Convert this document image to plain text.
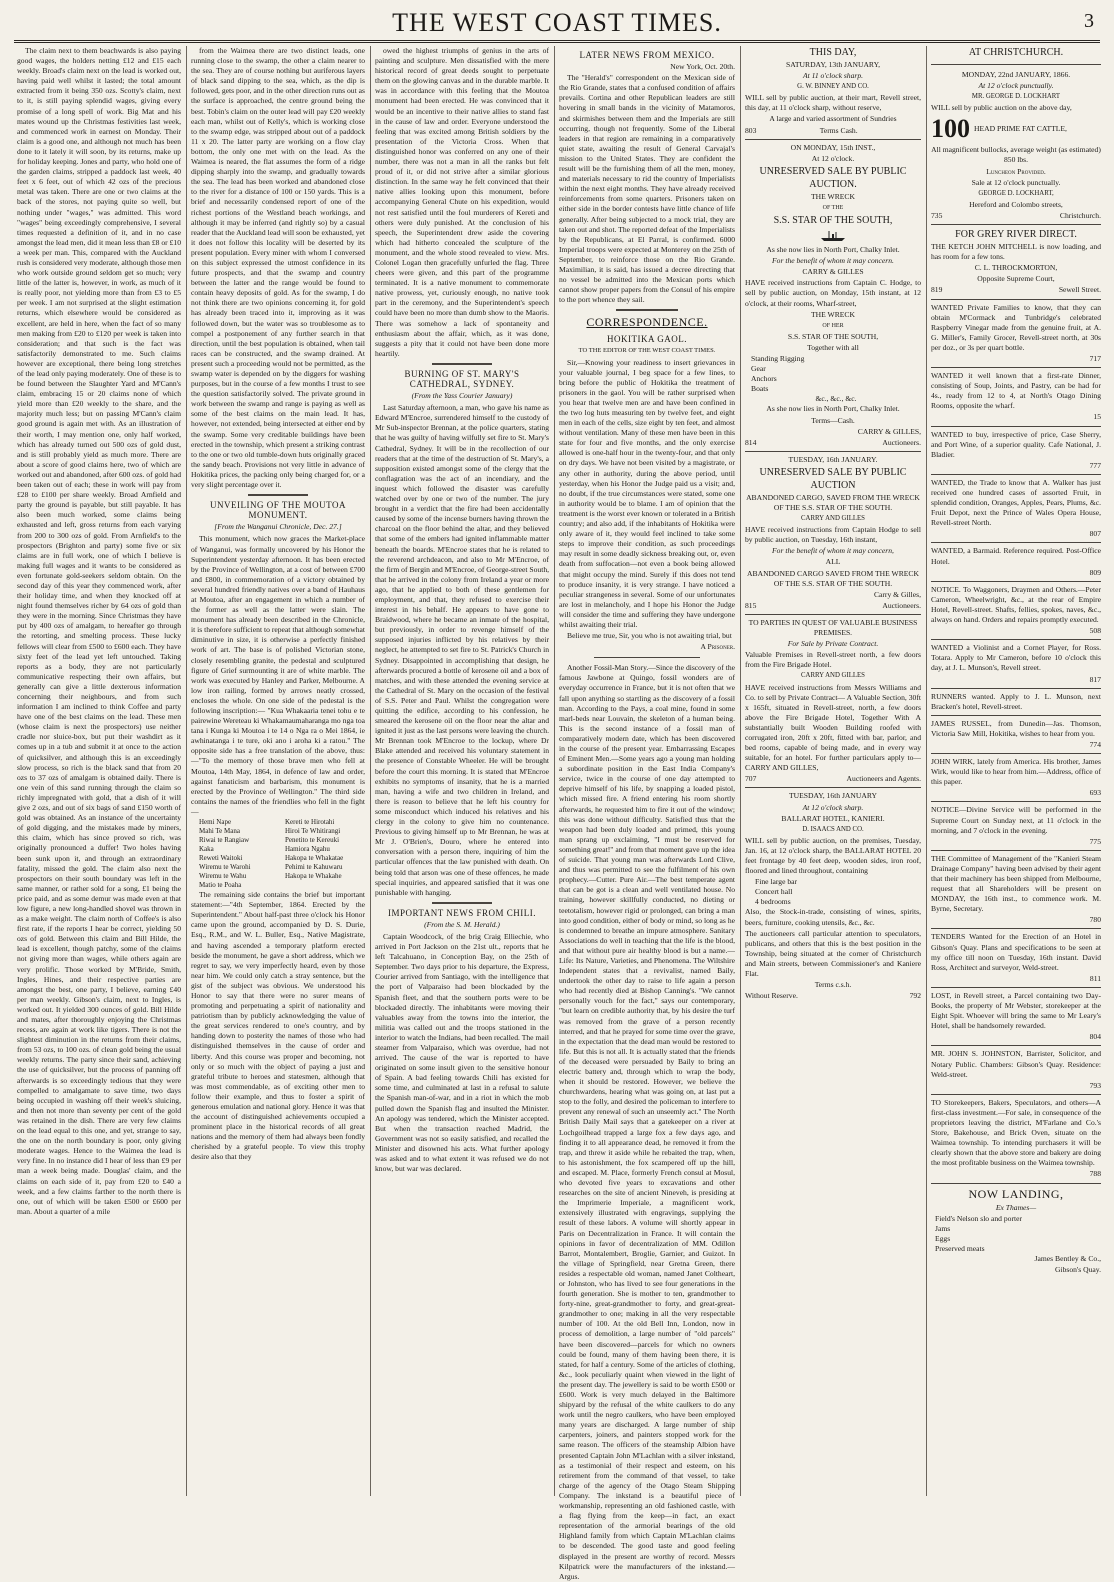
THE WEST COAST TIMES.	3

The claim next to them beachwards is also paying good wages, the holders netting £12 and £15 each weekly. Broad's claim next on the lead is worked out, having paid well whilst it lasted; the total amount extracted from it being 350 ozs. Scotty's claim, next to it, is still paying splendid wages, giving every promise of a long spell of work. Big Mat and his mates wound up the Christmas festivities last week, and commenced work in earnest on Monday. Their claim is a good one, and although not much has been done to it lately it will soon, by its returns, make up for holiday keeping. Jones and party, who hold one of the garden claims, stripped a paddock last week, 40 feet x 6 feet, out of which 42 ozs of the precious metal was taken. There are one or two claims at the back of the stores, not paying quite so well, but nothing under "wages," was admitted. This word "wages" being exceedingly comprehensive, I several times requested a definition of it, and in no case amongst the lead men, did it mean less than £8 or £10 a week per man. This, compared with the Auckland rush is considered very moderate, although those men who work outside ground seldom get so much; very little of the latter is, however, in work, as much of it is really poor, not yielding more than from £3 to £5 per week. I am not surprised at the slight estimation returns, which elsewhere would be considered as excellent, are held in here, when the fact of so many men making from £20 to £120 per week is taken into consideration; and that such is the fact was satisfactorily demonstrated to me. Such claims however are exceptional, there being long stretches of the lead only paying moderately. One of these is to be found between the Slaughter Yard and M'Cann's claim, embracing 15 or 20 claims none of which yield more than £20 weekly to the share, and the majority much less; but on passing M'Cann's claim good ground is again met with. As an illustration of their worth, I may mention one, only half worked, which has already turned out 500 ozs of gold dust, and is still probably yield as much more. There are about a score of good claims here, two of which are worked out and abandoned, after 600 ozs. of gold had been taken out of each; these in work will pay from £28 to £100 per share weekly. Broad Arnfield and party the ground is payable, but still payable. It has also been much worked, some claims being exhausted and left, gross returns from each varying from 200 to 300 ozs of gold. From Arnfield's to the prospectors (Brighton and party) some five or six claims are in full work, one of which I believe is making full wages and it wants to be considered as even fortunate gold-seekers seldom obtain. On the second day of this year they commenced work, after their holiday time, and when they knocked off at night found themselves richer by 64 ozs of gold than they were in the morning. Since Christmas they have put by 400 ozs of amalgam, to hereafter go through the retorting, and smelting process. These lucky fellows will clear from £500 to £600 each. They have sixty feet of the lead yet left untouched. Taking reports as a body, they are not particularly communicative respecting their own affairs, but generally can give a little dexterous information concerning their neighbours, and from such information I am inclined to think Coffee and party have one of the best claims on the lead. These men (whose claim is next the prospectors) use neither cradle nor sluice-box, but put their washdirt as it comes up in a tub and submit it at once to the action of quicksilver, and although this is an exceedingly slow process, so rich is the black sand that from 20 ozs to 37 ozs of amalgam is obtained daily. There is one vein of this sand running through the claim so richly impregnated with gold, that a dish of it will give 2 ozs, and out of six bags of sand £150 worth of gold was obtained. As an instance of the uncertainty of gold digging, and the mistakes made by miners, this claim, which has since proved so rich, was originally pronounced a duffer! Two holes having been sunk upon it, and through an extraordinary fatality, missed the gold. The claim also next the prospectors on their south boundary was left in the same manner, or rather sold for a song, £1 being the price paid, and as some demur was made even at that low figure, a new long-handled shovel was thrown in as a make weight. The claim north of Coffee's is also first rate, if the reports I hear be correct, yielding 50 ozs of gold. Between this claim and Bill Hilde, the lead is excellent, though patchy, some of the claims not giving more than wages, while others again are very prolific. Those worked by M'Bride, Smith, Ingles, Hines, and their respective parties are amongst the best, one party, I believe, earning £40 per man weekly. Gibson's claim, next to Ingles, is worked out. It yielded 300 ounces of gold. Bill Hilde and mates, after thoroughly enjoying the Christmas recess, are again at work like tigers. There is not the slightest diminution in the returns from their claims, from 53 ozs, to 100 ozs. of clean gold being the usual weekly returns. The party since their sand, achieving the use of quicksilver, but the process of panning off afterwards is so exceedingly tedious that they were compelled to amalgamate to save time, two days being occupied in washing off their week's sluicing, and then not more than seventy per cent of the gold was retained in the dish. There are very few claims on the lead equal to this one, and yet, strange to say, the one on the north boundary is poor, only giving moderate wages. Hence to the Waimea the lead is very fine. In no instance did I hear of less than £9 per man a week being made. Douglas' claim, and the claims on each side of it, pay from £20 to £40 a week, and a few claims farther to the north there is one, out of which will be taken £500 or £600 per man. About a quarter of a mile

from the Waimea there are two distinct leads, one running close to the swamp, the other a claim nearer to the sea. They are of course nothing but auriferous layers of black sand dipping to the sea, which, as the dip is followed, gets poor, and in the other direction runs out as the surface is approached, the centre ground being the best. Tobin's claim on the outer lead will pay £20 weekly each man, whilst out of Kelly's, which is working close to the swamp edge, was stripped about out of a paddock 11 x 20. The latter party are working on a flow clay bottom, the only one met with on the lead. As the Waimea is neared, the flat assumes the form of a ridge dipping sharply into the swamp, and gradually towards the sea. The lead has been worked and abandoned close to the river for a distance of 100 or 150 yards. This is a brief and necessarily condensed report of one of the richest portions of the Westland beach workings, and although it may be inferred (and rightly so) by a casual reader that the Auckland lead will soon be exhausted, yet it does not follow this locality will be deserted by its present population. Every miner with whom I conversed on this subject expressed the utmost confidence in its future prospects, and that the swamp and country between the latter and the range would be found to contain heavy deposits of gold. As for the swamp, I do not think there are two opinions concerning it, for gold has already been traced into it, improving as it was followed down, but the water was so troublesome as to compel a postponement of any further search in that direction, until the best population is obtained, when tail races can be constructed, and the swamp drained. At present such a proceeding would not be permitted, as the swamp water is depended on by the diggers for washing purposes, but in the course of a few months I trust to see the question satisfactorily solved. The private ground in work between the swamp and range is paying as well as some of the best claims on the main lead. It has, however, not extended, being intersected at either end by the swamp. Some very creditable buildings have been erected in the township, which present a striking contrast to the one or two old tumble-down huts originally graced the sandy beach. Provisions not very little in advance of Hokitika prices, the packing only being charged for, or a very slight percentage over it.

UNVEILING OF THE MOUTOA MONUMENT.
[From the Wanganui Chronicle, Dec. 27.]

This monument, which now graces the Market-place of Wanganui, was formally uncovered by his Honor the Superintendent yesterday afternoon. It has been erected by the Province of Wellington, at a cost of between £700 and £800, in commemoration of a victory obtained by several hundred friendly natives over a band of Hauhaus at Moutoa, after an engagement in which a number of the former as well as the latter were slain. The monument has already been described in the Chronicle, it is therefore sufficient to repeat that although somewhat diminutive in size, it is otherwise a perfectly finished work of art. The base is of polished Victorian stone, closely resembling granite, the pedestal and sculptured figure of Grief surmounting it are of white marble. The work was executed by Hanley and Parker, Melbourne. A low iron railing, formed by arrows neatly crossed, encloses the whole. On one side of the pedestal is the following inscription:— "Kua Whakaaria tenei tohu e te pairewine Wereteau ki Whakamaumaharanga mo nga toa tana i Kunga ki Moutoa i te 14 o Nga ra o Mei 1864, ie awhinatanga i te ture, oki ano i aroha ki a ratou." The opposite side has a free translation of the above, thus:—"To the memory of those brave men who fell at Moutoa, 14th May, 1864, in defence of law and order, against fanaticism and barbarism, this monument is erected by the Province of Wellington." The third side contains the names of the friendlies who fell in the fight—

Hemi Nape
Mahi Te Mana
Riwai te Rangiaw
Kaka
Reweti Waitoki
Wiremu te Warohi
Wiremu te Wahu
Matio te Poaha
Kereti te Hirotahi
Hiroi Te Whitirangi
Penetito te Kereuki
Hamiora Ngahu
Hakopa te Whakatae
Pehimi te Kahuwaru
Hakopa te Whakahe

The remaining side contains the brief but important statement:—"4th September, 1864. Erected by the Superintendent." About half-past three o'clock his Honor came upon the ground, accompanied by D. S. Durie, Esq., R.M., and W. L. Buller, Esq., Native Magistrate, and having ascended a temporary platform erected beside the monument, he gave a short address, which we regret to say, we very imperfectly heard, even by those near him. We could only catch a stray sentence, but the gist of the subject was obvious. We understood his Honor to say that there were no surer means of promoting and perpetuating a spirit of nationality and patriotism than by publicly acknowledging the value of the great services rendered to one's country, and by handing down to posterity the names of those who had distinguished themselves in the cause of order and liberty. And this course was proper and becoming, not only or so much with the object of paying a just and grateful tribute to heroes and statesmen, although that was most commendable, as of exciting other men to follow their example, and thus to foster a spirit of generous emulation and national glory. Hence it was that the account of distinguished achievements occupied a prominent place in the historical records of all great nations and the memory of them had always been fondly cherished by a grateful people. To view this trophy desire also that they

owed the highest triumphs of genius in the arts of painting and sculpture. Men dissatisfied with the mere historical record of great deeds sought to perpetuate them on the glowing canvas and in the durable marble. It was in accordance with this feeling that the Moutoa monument had been erected. He was convinced that it would be an incentive to their native allies to stand fast in the cause of law and order. Everyone understood the feeling that was excited among British soldiers by the presentation of the Victoria Cross. When that distinguished honor was conferred on any one of their number, there was not a man in all the ranks but felt proud of it, or did not strive after a similar glorious distinction. In the same way he felt convinced that their native allies looking upon this monument, before accompanying General Chute on his expedition, would not rest satisfied until the foul murderers of Kereti and others were duly punished. At the conclusion of his speech, the Superintendent drew aside the covering which had hitherto concealed the sculpture of the monument, and the whole stood revealed to view. Mrs. Colonel Logan then gracefully unfurled the flag. Three cheers were given, and this part of the programme terminated. It is a native monument to commemorate native prowess, yet, curiously enough, no native took part in the ceremony, and the Superintendent's speech could have been no more than dumb show to the Maoris. There was somehow a lack of spontaneity and enthusiasm about the affair, which, as it was done, suggests a pity that it could not have been done more heartily.

BURNING OF ST. MARY'S CATHEDRAL, SYDNEY.
(From the Yass Courier January)

Last Saturday afternoon, a man, who gave his name as Edward M'Encroe, surrendered himself to the custody of Mr Sub-inspector Brennan, at the police quarters, stating that he was guilty of having wilfully set fire to St. Mary's Cathedral, Sydney. It will be in the recollection of our readers that at the time of the destruction of St. Mary's, a supposition existed amongst some of the clergy that the conflagration was the act of an incendiary, and the inquest which followed the disaster was carefully watched over by one or two of the number. The jury brought in a verdict that the fire had been accidentally caused by some of the incense burners having thrown the charcoal on the floor behind the altar, and they believed that some of the embers had ignited inflammable matter beneath the boards. M'Encroe states that he is related to the reverend archdeacon, and also to Mr M'Encroe, of the firm of Bergin and M'Encroe, of George-street South, that he arrived in the colony from Ireland a year or more ago, that he applied to both of these gentlemen for employment, and that, they refused to exercise their interest in his behalf. He appears to have gone to Braidwood, where he became an inmate of the hospital, but previously, in order to revenge himself of the supposed injuries inflicted by his relatives by their neglect, he attempted to set fire to St. Patrick's Church in Sydney. Disappointed in accomplishing that design, he afterwards procured a bottle of kerosene oil and a box of matches, and with these attended the evening service at the Cathedral of St. Mary on the occasion of the festival of S.S. Peter and Paul. Whilst the congregation were quitting the edifice, according to his confession, he smeared the kerosene oil on the floor near the altar and ignited it just as the last persons were leaving the church. Mr Brennan took M'Encroe to the lockup, where Dr Blake attended and received his voluntary statement in the presence of Constable Wheeler. He will be brought before the court this morning. It is stated that M'Encroe exhibits no symptoms of insanity, that he is a married man, having a wife and two children in Ireland, and there is reason to believe that he left his country for some misconduct which induced his relatives and his clergy in the colony to give him no countenance. Previous to giving himself up to Mr Brennan, he was at Mr J. O'Brien's, Douro, where he entered into conversation with a person there, inquiring of him the particular offences that the law punished with death. On being told that arson was one of these offences, he made special inquiries, and appeared satisfied that it was one punishable with hanging.

IMPORTANT NEWS FROM CHILI.
(From the S. M. Herald.)

Captain Woodcock, of the brig Craig Elliechie, who arrived in Port Jackson on the 21st ult., reports that he left Talcahuano, in Conception Bay, on the 25th of September. Two days prior to his departure, the Express, Courier arrived from Santiago, with the intelligence that the port of Valparaiso had been blockaded by the Spanish fleet, and that the southern ports were to be blockaded directly. The inhabitants were moving their valuables away from the towns into the interior, the militia was called out and the troops stationed in the interior to watch the Indians, had been recalled. The mail steamer from Valparaiso, which was overdue, had not arrived. The cause of the war is reported to have originated on some insult given to the sensitive honour of Spain. A bad feeling towards Chili has existed for some time, and culminated at last in a refusal to salute the Spanish man-of-war, and in a riot in which the mob pulled down the Spanish flag and insulted the Minister. An apology was tendered, which the Minister accepted. But when the transaction reached Madrid, the Government was not so easily satisfied, and recalled the Minister and disowned his acts. What further apology was asked and to what extent it was refused we do not know, but war was declared.

LATER NEWS FROM MEXICO.

New York, Oct. 20th.

The "Herald's" correspondent on the Mexican side of the Rio Grande, states that a confused condition of affairs prevails. Cortina and other Republican leaders are still hovering in small bands in the vicinity of Matamoros, and skirmishes between them and the Imperials are still occurring, though not frequently. Some of the Liberal leaders in that region are remaining in a comparatively quiet state, awaiting the result of General Carvajal's mission to the United States. They are confident the result will be the furnishing them of all the men, money, and materials necessary to rid the country of Imperialists within the next eight months. They have already received reinforcements from some quarters. Prisoners taken on either side in the border contests have little chance of life generally. After being subjected to a mock trial, they are taken out and shot. The reported defeat of the Imperialists by the Republicans, at El Parral, is confirmed. 6000 Imperial troops were expected at Monterey on the 25th of September, to reinforce those on the Rio Grande. Maximilian, it is said, has issued a decree directing that no vessel be admitted into the Mexican ports which cannot show proper papers from the Consul of his empire to the port whence they sail.

CORRESPONDENCE.
HOKITIKA GAOL.

TO THE EDITOR OF THE WEST COAST TIMES.

Sir,—Knowing your readiness to insert grievances in your valuable journal, I beg space for a few lines, to bring before the public of Hokitika the treatment of prisoners in the gaol. You will be rather surprised when you hear that twelve men are and have been confined in the two log huts measuring ten by twelve feet, and eight men in each of the cells, size eight by ten feet, and almost without ventilation. Many of these men have been in this state for four and five months, and the only exercise allowed is one-half hour in the twenty-four, and that only on dry days. We have not been visited by a magistrate, or any other in authority, during the above period, until yesterday, when his Honor the Judge paid us a visit; and, no doubt, if the true circumstances were stated, some one in authority would be to blame. I am of opinion that the treatment is the worst ever known or tolerated in a British country; and also add, if the inhabitants of Hokitika were only aware of it, they would feel inclined to take some steps to improve their condition, as such proceedings may result in some deadly sickness breaking out, or, even death from suffocation—not even a book being allowed that might occupy the mind. Surely if this does not tend to produce insanity, it is very strange. I have noticed a peculiar strangeness in several. Some of our unfortunates are lost in melancholy, and I hope his Honor the Judge will consider the time and suffering they have undergone whilst awaiting their trial.

Believe me true, Sir, you who is not awaiting trial, but

A Prisoner.

Another Fossil-Man Story.—Since the discovery of the famous Jawbone at Quingo, fossil wonders are of everyday occurrence in France, but it is not often that we fall upon anything so startling as the discovery of a fossil man. According to the Pays, a coal mine, found in some marl-beds near Louvain, the skeleton of a human being. This is the second instance of a fossil man of comparatively modern date, which has been discovered in the course of the present year. Embarrassing Escapes of Eminent Men.—Some years ago a young man holding a subordinate position in the East India Company's service, twice in the course of one day attempted to deprive himself of his life, by snapping a loaded pistol, which missed fire. A friend entering his room shortly afterwards, he requested him to fire it out of the window; this was done without difficulty. Satisfied thus that the weapon had been duly loaded and primed, this young man sprang up exclaiming, "I must be reserved for something great!" and from that moment gave up the idea of suicide. That young man was afterwards Lord Clive, and thus was permitted to see the fulfilment of his own prophecy.—Cutter. Pure Air.—The best temperate agent that can be got is a clean and well ventilated house. No training, however skillfully conducted, no dieting or teetotalism, however rigid or prolonged, can bring a man into good condition, either of body or mind, so long as he is condemned to breathe an impure atmosphere. Sanitary Associations do well in teaching that the life is the blood, and that without pure air healthy blood is but a name.—Life: Its Nature, Varieties, and Phenomena. The Wiltshire Independent states that a revivalist, named Baily, undertook the other day to raise to life again a person who had recently died at Bishop Canning's. "We cannot personally vouch for the fact," says our contemporary, "but learn on credible authority that, by his desire the turf was removed from the grave of a person recently interred, and that he prayed for some time over the grave, in the expectation that the dead man would be restored to life. But this is not all. It is actually stated that the friends of the deceased were persuaded by Baily to bring an electric battery and, through which to wrap the body, when it should be restored. However, we believe the churchwardens, hearing what was going on, at last put a stop to the folly, and desired the policeman to interfere to prevent any renewal of such an unseemly act." The North British Daily Mail says that a gatekeeper on a river at Lochgoilhead trapped a large fox a few days ago, and finding it to all appearance dead, he removed it from the trap, and threw it aside while he rebaited the trap, when, to his astonishment, the fox scampered off up the hill, and escaped. M. Place, formerly French consul at Mosul, who devoted five years to excavations and other researches on the site of ancient Nineveh, is presiding at the Imprimerie Imperiale, a magnificent work, extensively illustrated with engravings, supplying the result of these labors. A volume will shortly appear in Paris on Decentralization in France. It will contain the opinions in favor of decentralization of MM. Odillon Barrot, Montalembert, Broglie, Garnier, and Guizot. In the village of Springfield, near Gretna Green, there resides a respectable old woman, named Janet Coltheart, or Johnston, who has lived to see four generations in the fourth generation. She is mother to ten, grandmother to forty-nine, great-grandmother to forty, and great-great-grandmother to one; making in all the very respectable number of 100. At the old Bell Inn, London, now in process of demolition, a large number of "old parcels" have been discovered—parcels for which no owners could be found, many of them having been there, it is stated, for half a century. Some of the articles of clothing, &c., look peculiarly quaint when viewed in the light of the present day. The jewellery is said to be worth £500 or £600. Work is very much delayed in the Baltimore shipyard by the refusal of the white caulkers to do any work until the negro caulkers, who have been employed many years are discharged. A large number of ship carpenters, joiners, and painters stopped work for the same reason. The officers of the steamship Albion have presented Captain John M'Lachlan with a silver inkstand, as a testimonial of their respect and esteem, on his retirement from the command of that vessel, to take charge of the agency of the Otago Steam Shipping Company. The inkstand is a beautiful piece of workmanship, representing an old fashioned castle, with a flag flying from the keep—in fact, an exact representation of the armorial bearings of the old Highland family from which Captain M'Lachlan claims to be descended. The good taste and good feeling displayed in the present are worthy of record. Messrs Kilpatrick were the manufacturers of the inkstand.—Argus.

THIS DAY,

SATURDAY, 13th JANUARY,

At 11 o'clock sharp.

G. W. BINNEY AND CO.

WILL sell by public auction, at their mart, Revell street, this day, at 11 o'clock sharp, without reserve,

A large and varied assortment of Sundries

803	Terms Cash.

ON MONDAY, 15th INST.,

At 12 o'clock.

UNRESERVED SALE BY PUBLIC AUCTION.

THE WRECK

OF THE

S.S. STAR OF THE SOUTH,

As she now lies in North Port, Chalky Inlet.

For the benefit of whom it may concern.

CARRY & GILLES

HAVE received instructions from Captain C. Hodge, to sell by public auction, on Monday, 15th instant, at 12 o'clock, at their rooms, Wharf-street,

THE WRECK

OF HER

S.S. STAR OF THE SOUTH,

Together with all

Standing Rigging
Gear
Anchors
Boats
&c., &c., &c.

As she now lies in North Port, Chalky Inlet.

Terms—Cash.

CARRY & GILLES,

814	Auctioneers.

TUESDAY, 16th JANUARY.

UNRESERVED SALE BY PUBLIC AUCTION

ABANDONED CARGO, SAVED FROM THE WRECK OF THE S.S. STAR OF THE SOUTH.

CARRY AND GILLES

HAVE received instructions from Captain Hodge to sell by public auction, on Tuesday, 16th instant,

For the benefit of whom it may concern,

ALL

ABANDONED CARGO SAVED FROM THE WRECK OF THE S.S. STAR OF THE SOUTH.

Carry & Gilles,

815	Auctioneers.

TO PARTIES IN QUEST OF VALUABLE BUSINESS PREMISES.

For Sale by Private Contract.

Valuable Premises in Revell-street north, a few doors from the Fire Brigade Hotel.

CARRY AND GILLES

HAVE received instructions from Messrs Williams and Co. to sell by Private Contract— A Valuable Section, 30ft x 165ft, situated in Revell-street, north, a few doors above the Fire Brigade Hotel, Together With A substantially built Wooden Building roofed with corrugated iron, 20ft x 20ft, fitted with bar, parlor, and bed rooms, capable of being made, and in every way suitable, for an hotel. For further particulars apply to— CARRY AND GILLES,

707	Auctioneers and Agents.

TUESDAY, 16th JANUARY

At 12 o'clock sharp.

BALLARAT HOTEL, KANIERI.

D. ISAACS AND CO.

WILL sell by public auction, on the premises, Tuesday, Jan. 16, at 12 o'clock sharp, the BALLARAT HOTEL 20 feet frontage by 40 feet deep, wooden sides, iron roof, floored and lined throughout, containing

Fine large bar
Concert hall
4 bedrooms

Also, the Stock-in-trade, consisting of wines, spirits, beers, furniture, cooking utensils, &c., &c.

The auctioneers call particular attention to speculators, publicans, and others that this is the best position in the Township, being situated at the corner of Christchurch and Main streets, between Commissioner's and Kaniere Flat.

Terms c.s.h.

Without Reserve.	792

AT CHRISTCHURCH.

MONDAY, 22nd JANUARY, 1866.

At 12 o'clock punctually.

MR. GEORGE D. LOCKHART

WILL sell by public auction on the above day,

100 HEAD PRIME FAT CATTLE,

All magnificent bullocks, average weight (as estimated) 850 lbs.

Luncheon Provided.

Sale at 12 o'clock punctually.

GEORGE D. LOCKHART,

Hereford and Colombo streets,

735	Christchurch.

FOR GREY RIVER DIRECT.

THE KETCH JOHN MITCHELL is now loading, and has room for a few tons.

C. L. THROCKMORTON,

Opposite Supreme Court,

819	Sewell Street.

WANTED Private Families to know, that they can obtain M'Cormack and Tunbridge's celebrated Raspberry Vinegar made from the genuine fruit, at A. G. Miller's, Family Grocer, Revell-street north, at 30s per doz., or 3s per quart bottle.

717

WANTED it well known that a first-rate Dinner, consisting of Soup, Joints, and Pastry, can be had for 4s., ready from 12 to 4, at North's Otago Dining Rooms, opposite the wharf.

15

WANTED to buy, irrespective of price, Case Sherry, and Port Wine, of a superior quality. Cafe National, J. Bladier.

777

WANTED, the Trade to know that A. Walker has just received one hundred cases of assorted Fruit, in splendid condition, Oranges, Apples, Pears, Plums, &c. Fruit Depot, next the Prince of Wales Opera House, Revell-street North.

807

WANTED, a Barmaid. Reference required. Post-Office Hotel.

809

NOTICE. To Waggoners, Draymen and Others.—Peter Cameron, Wheelwright, &c., at the rear of Empire Hotel, Revell-street. Shafts, fellies, spokes, naves, &c., always on hand. Orders and repairs promptly executed.

508

WANTED a Violinist and a Cornet Player, for Ross. Totara. Apply to Mr Cameron, before 10 o'clock this day, at J. L. Munson's, Revell street.

817

RUNNERS wanted. Apply to J. L. Munson, next Bracken's hotel, Revell-street.

JAMES RUSSEL, from Dunedin—Jas. Thomson, Victoria Saw Mill, Hokitika, wishes to hear from you.

774

JOHN WIRK, lately from America. His brother, James Wirk, would like to hear from him.—Address, office of this paper.

693

NOTICE—Divine Service will be performed in the Supreme Court on Sunday next, at 11 o'clock in the morning, and 7 o'clock in the evening.

775

THE Committee of Management of the "Kanieri Steam Drainage Company" having been advised by their agent that their machinery has been shipped from Melbourne, request that all Shareholders will be present on MONDAY, the 16th inst., to commence work. M. Byrne, Secretary.

780

TENDERS Wanted for the Erection of an Hotel in Gibson's Quay. Plans and specifications to be seen at my office till noon on Tuesday, 16th instant. David Ross, Architect and surveyor, Weld-street.

811

LOST, in Revell street, a Parcel containing two Day-Books, the property of Mr Webster, storekeeper at the Eight Spit. Whoever will bring the same to Mr Leary's Hotel, shall be handsomely rewarded.

804

MR. JOHN S. JOHNSTON, Barrister, Solicitor, and Notary Public. Chambers: Gibson's Quay. Residence: Weld-street.

793

TO Storekeepers, Bakers, Speculators, and others—A first-class investment.—For sale, in consequence of the proprietors leaving the district, M'Farlane and Co.'s Store, Bakehouse, and Brick Oven, situate on the Waimea township. To intending purchasers it will be clearly shown that the above store and bakery are doing the most profitable business on the Waimea township.

788

NOW LANDING,

Ex Thames—

Field's Nelson slo and porter
Jams
Eggs
Preserved meats

James Bentley & Co.,

Gibson's Quay.
